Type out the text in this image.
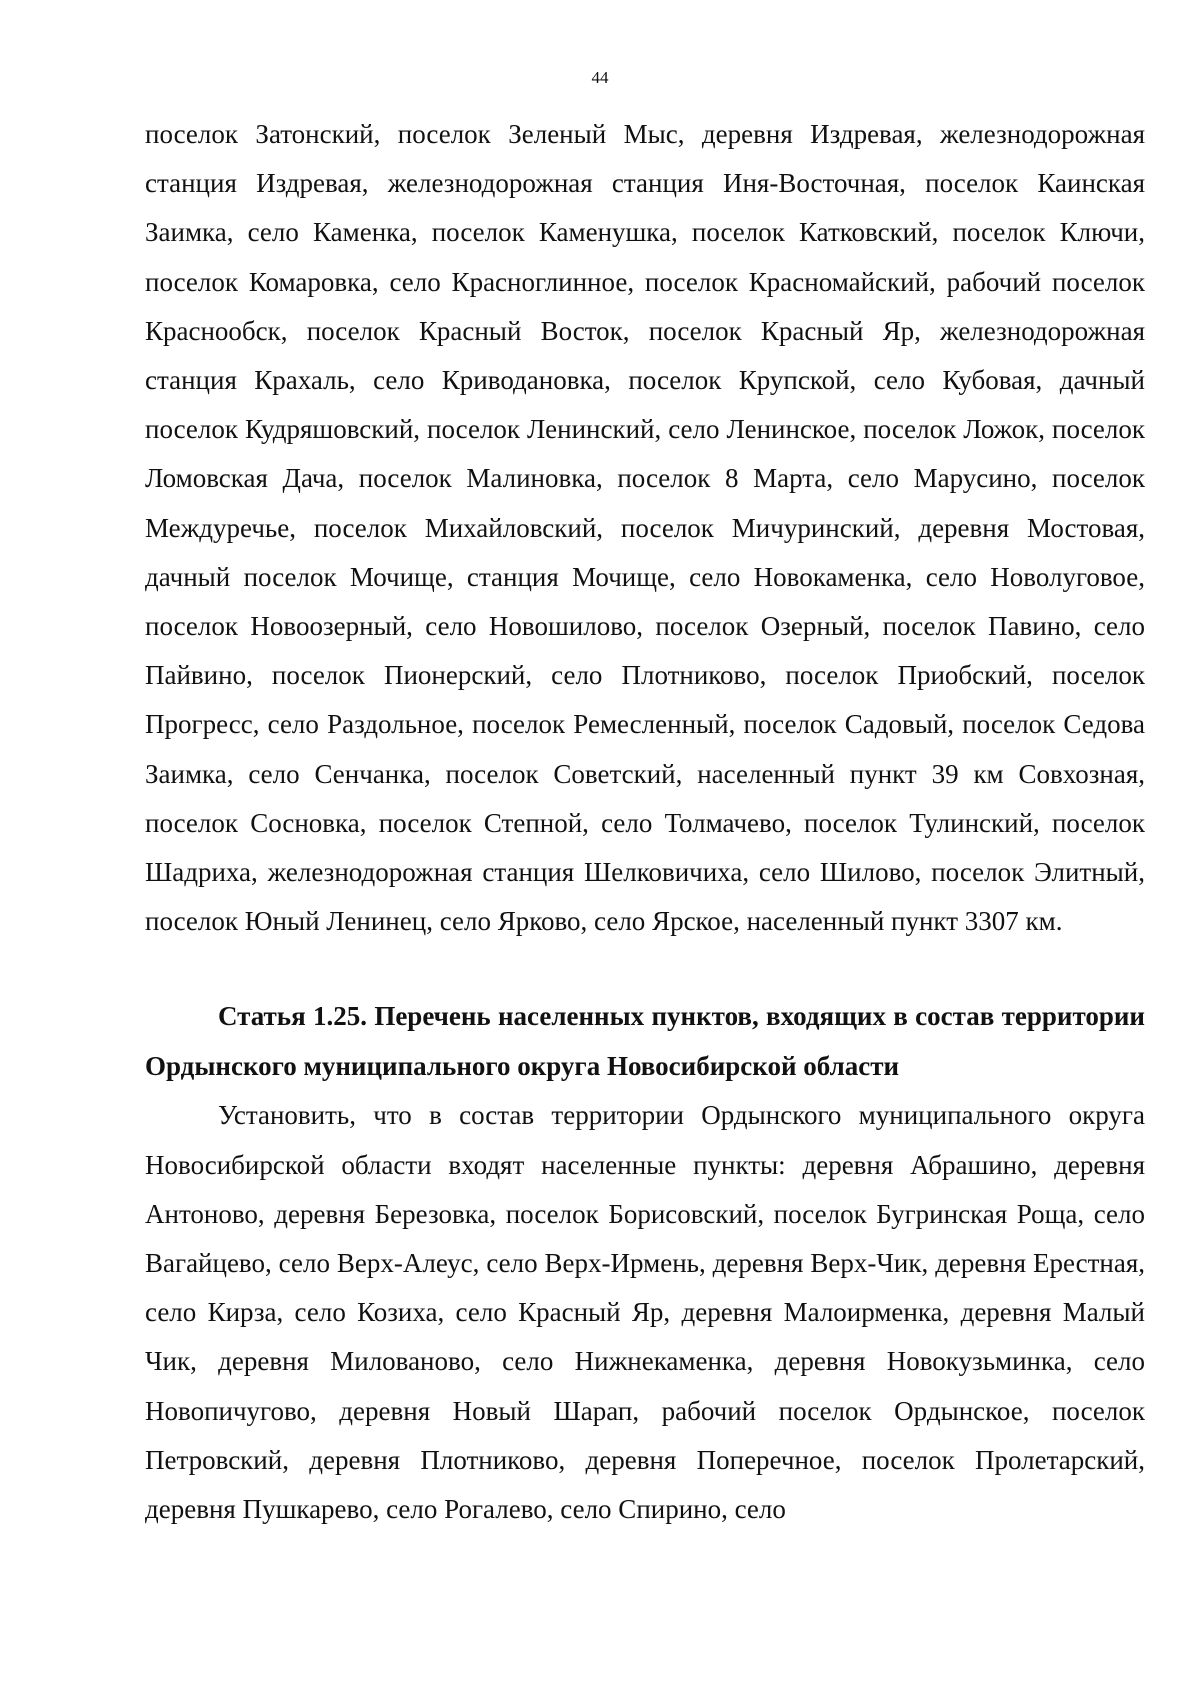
44

поселок Затонский, поселок Зеленый Мыс, деревня Издревая, железнодорожная станция Издревая, железнодорожная станция Иня-Восточная, поселок Каинская Заимка, село Каменка, поселок Каменушка, поселок Катковский, поселок Ключи, поселок Комаровка, село Красноглинное, поселок Красномайский, рабочий поселок Краснообск, поселок Красный Восток, поселок Красный Яр, железнодорожная станция Крахаль, село Криводановка, поселок Крупской, село Кубовая, дачный поселок Кудряшовский, поселок Ленинский, село Ленинское, поселок Ложок, поселок Ломовская Дача, поселок Малиновка, поселок 8 Марта, село Марусино, поселок Междуречье, поселок Михайловский, поселок Мичуринский, деревня Мостовая, дачный поселок Мочище, станция Мочище, село Новокаменка, село Новолуговое, поселок Новоозерный, село Новошилово, поселок Озерный, поселок Павино, село Пайвино, поселок Пионерский, село Плотниково, поселок Приобский, поселок Прогресс, село Раздольное, поселок Ремесленный, поселок Садовый, поселок Седова Заимка, село Сенчанка, поселок Советский, населенный пункт 39 км Совхозная, поселок Сосновка, поселок Степной, село Толмачево, поселок Тулинский, поселок Шадриха, железнодорожная станция Шелковичиха, село Шилово, поселок Элитный, поселок Юный Ленинец, село Ярково, село Ярское, населенный пункт 3307 км.

Статья 1.25. Перечень населенных пунктов, входящих в состав территории Ордынского муниципального округа Новосибирской области

Установить, что в состав территории Ордынского муниципального округа Новосибирской области входят населенные пункты: деревня Абрашино, деревня Антоново, деревня Березовка, поселок Борисовский, поселок Бугринская Роща, село Вагайцево, село Верх-Алеус, село Верх-Ирмень, деревня Верх-Чик, деревня Ерестная, село Кирза, село Козиха, село Красный Яр, деревня Малоирменка, деревня Малый Чик, деревня Милованово, село Нижнекаменка, деревня Новокузьминка, село Новопичугово, деревня Новый Шарап, рабочий поселок Ордынское, поселок Петровский, деревня Плотниково, деревня Поперечное, поселок Пролетарский, деревня Пушкарево, село Рогалево, село Спирино, село
